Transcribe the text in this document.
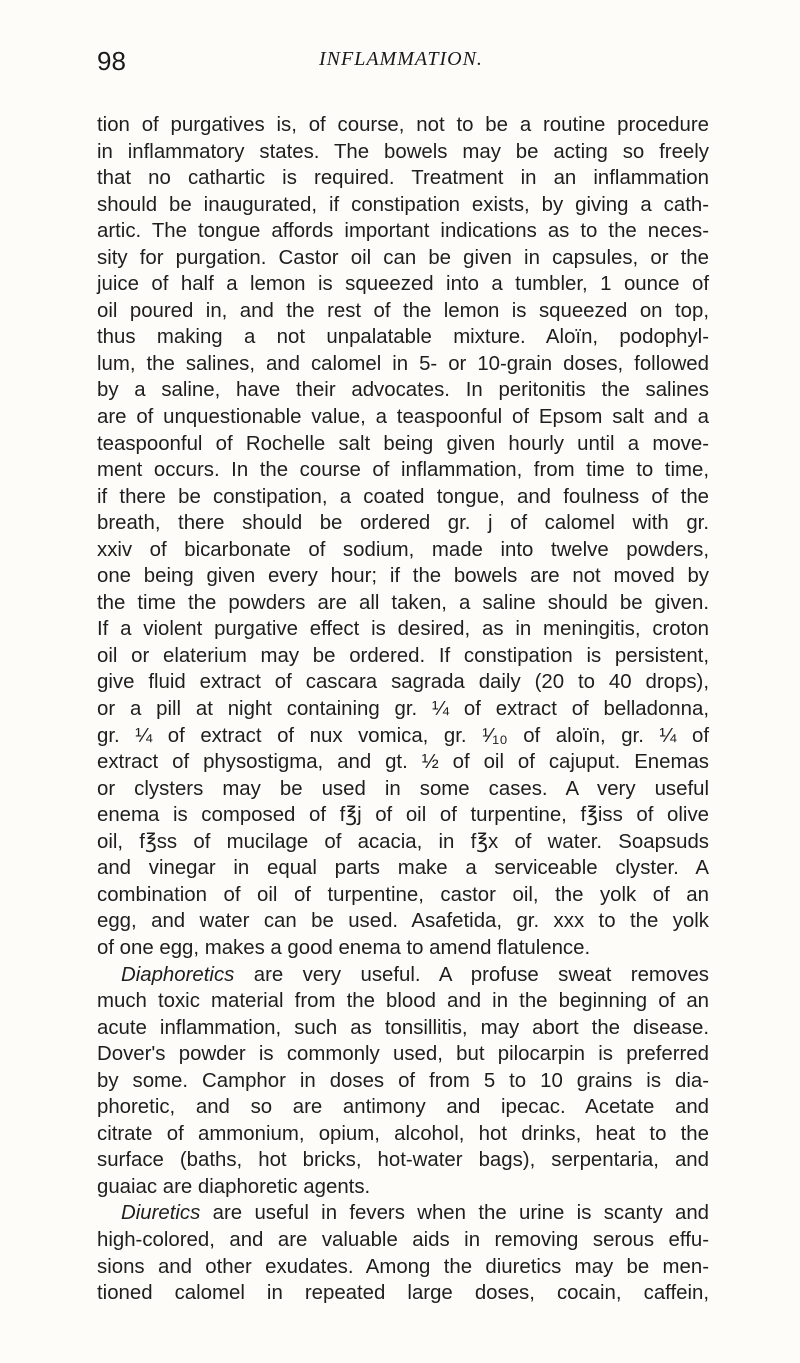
98	INFLAMMATION.
tion of purgatives is, of course, not to be a routine procedure
in inflammatory states. The bowels may be acting so freely
that no cathartic is required. Treatment in an inflammation
should be inaugurated, if constipation exists, by giving a cath-
artic. The tongue affords important indications as to the neces-
sity for purgation. Castor oil can be given in capsules, or the
juice of half a lemon is squeezed into a tumbler, 1 ounce of
oil poured in, and the rest of the lemon is squeezed on top,
thus making a not unpalatable mixture. Aloïn, podophyl-
lum, the salines, and calomel in 5- or 10-grain doses, followed
by a saline, have their advocates. In peritonitis the salines
are of unquestionable value, a teaspoonful of Epsom salt and a
teaspoonful of Rochelle salt being given hourly until a move-
ment occurs. In the course of inflammation, from time to time,
if there be constipation, a coated tongue, and foulness of the
breath, there should be ordered gr. j of calomel with gr.
xxiv of bicarbonate of sodium, made into twelve powders,
one being given every hour; if the bowels are not moved by
the time the powders are all taken, a saline should be given.
If a violent purgative effect is desired, as in meningitis, croton
oil or elaterium may be ordered. If constipation is persistent,
give fluid extract of cascara sagrada daily (20 to 40 drops),
or a pill at night containing gr. ¼ of extract of belladonna,
gr. ¼ of extract of nux vomica, gr. ¹⁄₁₀ of aloïn, gr. ¼ of
extract of physostigma, and gt. ½ of oil of cajuput. Enemas
or clysters may be used in some cases. A very useful
enema is composed of f℥j of oil of turpentine, f℥iss of olive
oil, f℥ss of mucilage of acacia, in f℥x of water. Soapsuds
and vinegar in equal parts make a serviceable clyster. A
combination of oil of turpentine, castor oil, the yolk of an
egg, and water can be used. Asafetida, gr. xxx to the yolk
of one egg, makes a good enema to amend flatulence.
Diaphoretics are very useful. A profuse sweat removes
much toxic material from the blood and in the beginning of an
acute inflammation, such as tonsillitis, may abort the disease.
Dover's powder is commonly used, but pilocarpin is preferred
by some. Camphor in doses of from 5 to 10 grains is dia-
phoretic, and so are antimony and ipecac. Acetate and
citrate of ammonium, opium, alcohol, hot drinks, heat to the
surface (baths, hot bricks, hot-water bags), serpentaria, and
guaiac are diaphoretic agents.
Diuretics are useful in fevers when the urine is scanty and
high-colored, and are valuable aids in removing serous effu-
sions and other exudates. Among the diuretics may be men-
tioned calomel in repeated large doses, cocain, caffein,
